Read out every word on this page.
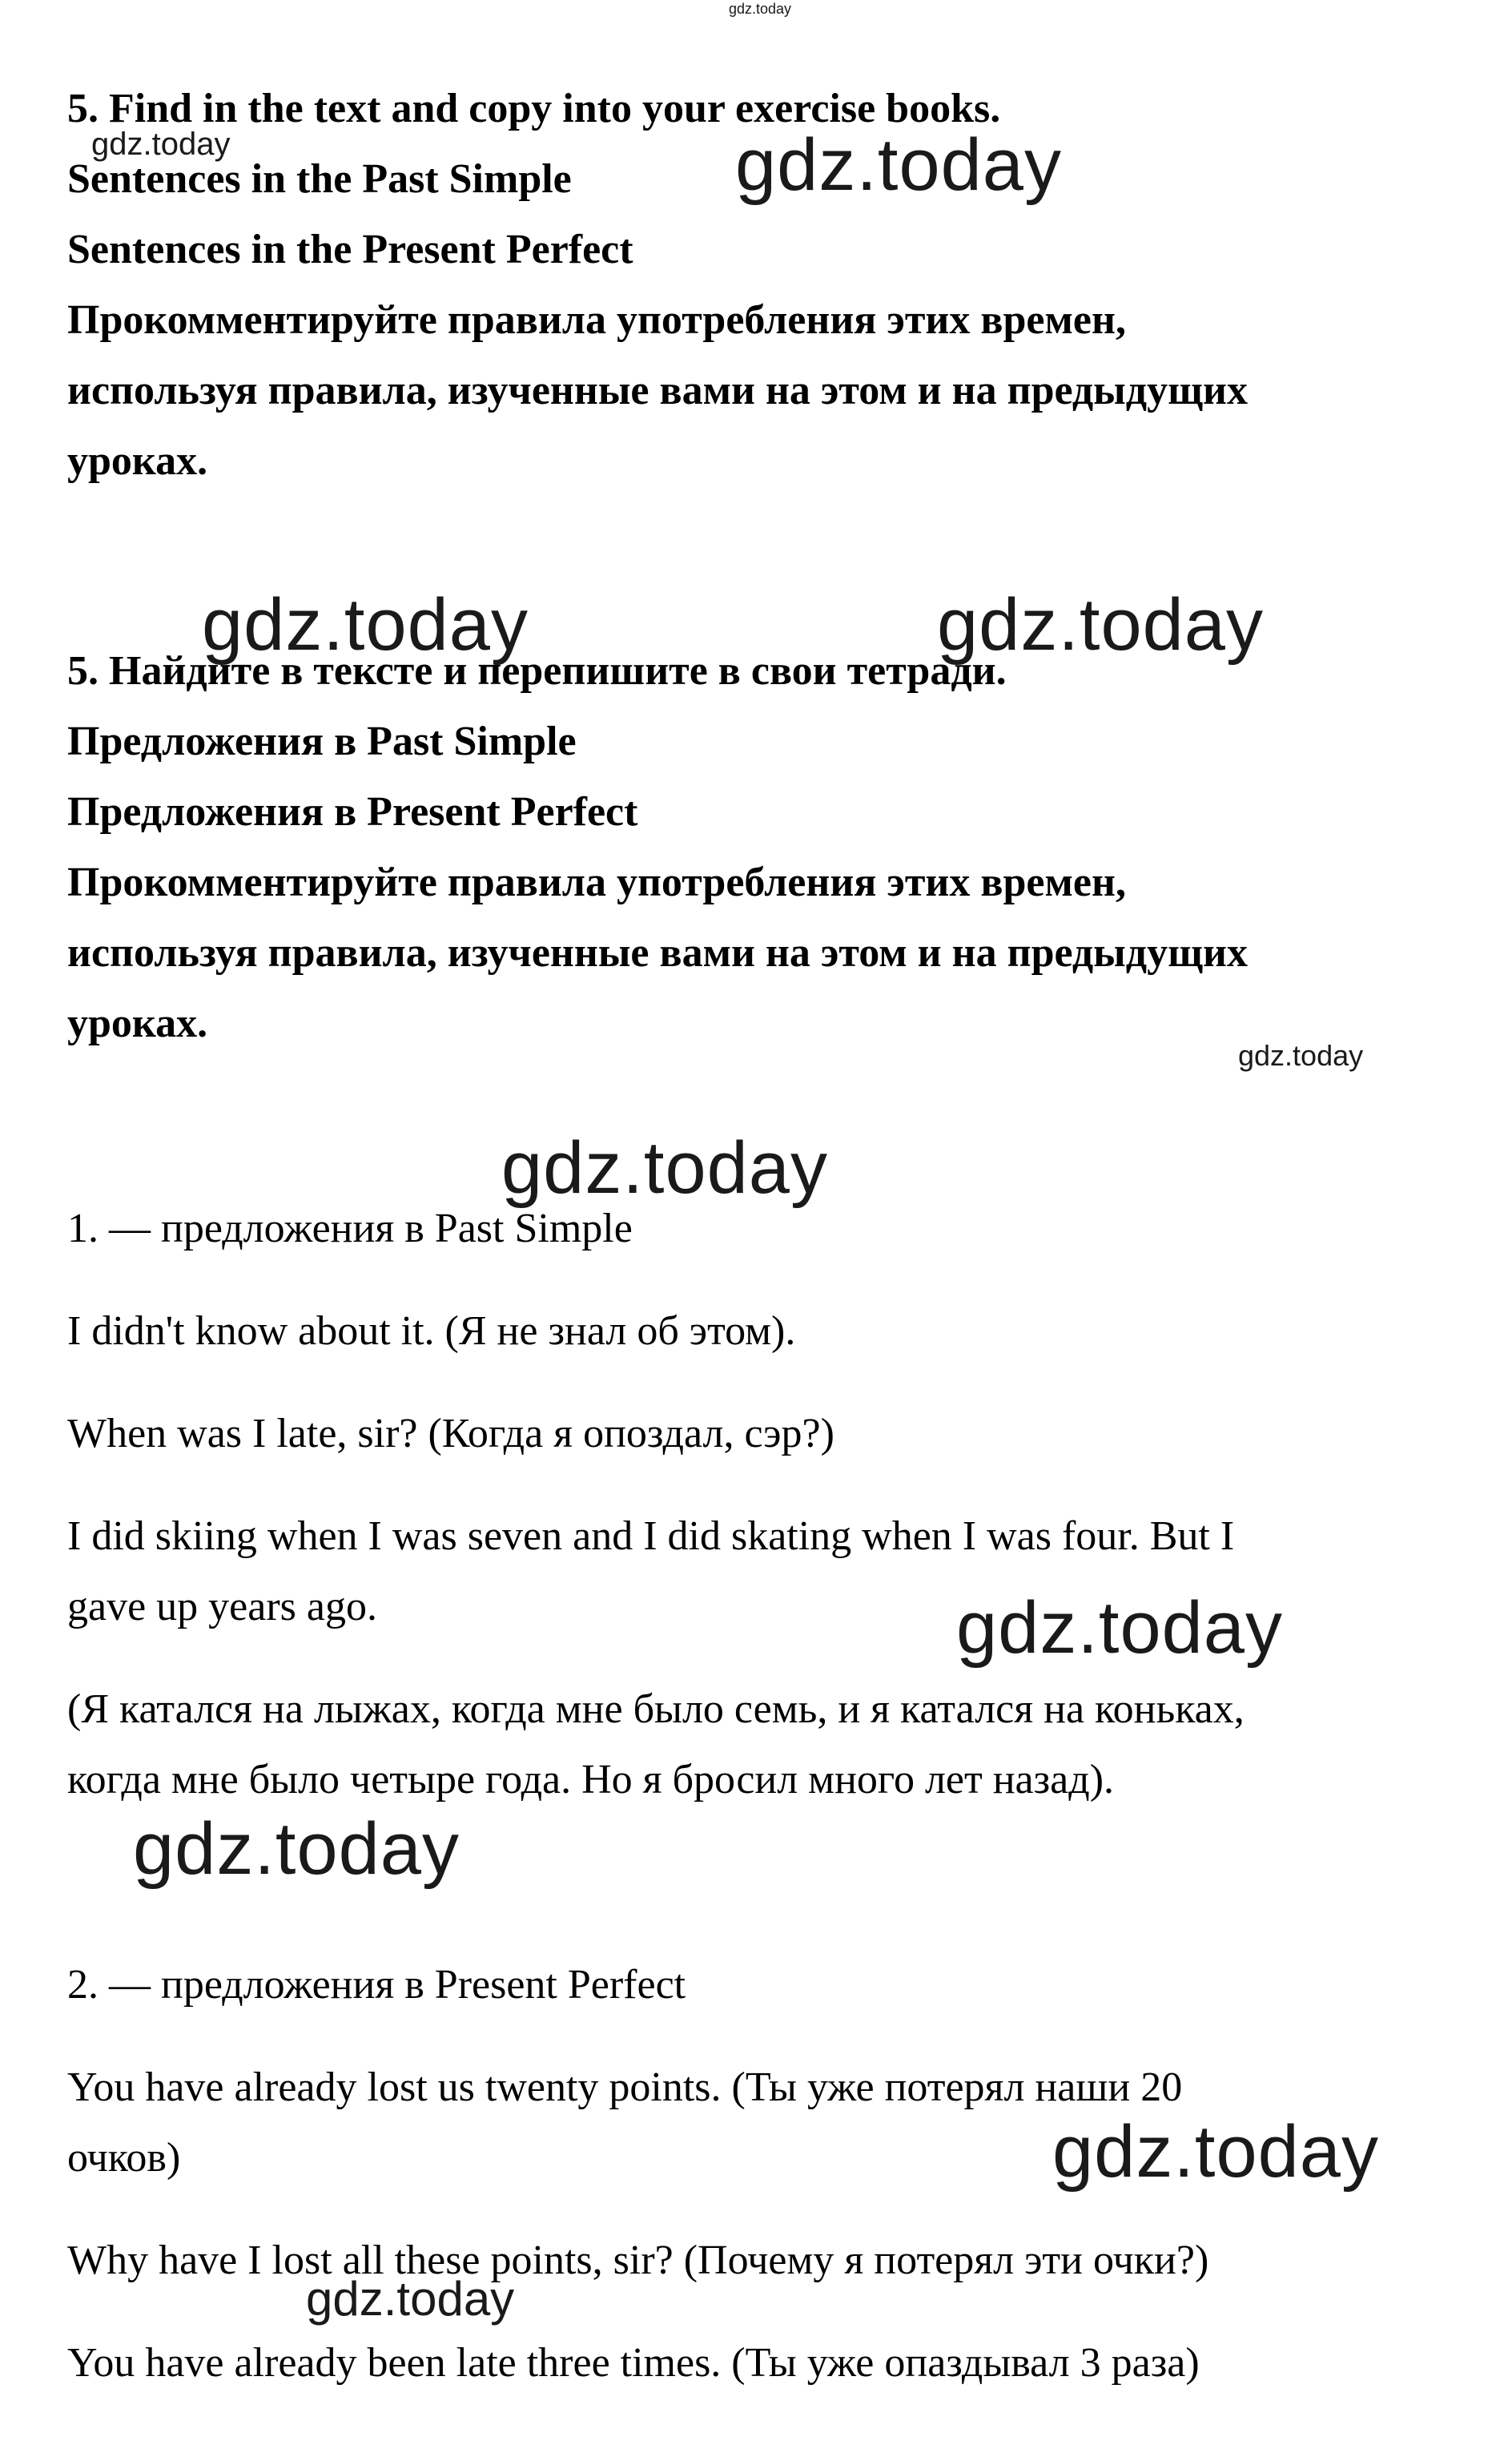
5. Find in the text and copy into your exercise books.

Sentences in the Past Simple

Sentences in the Present Perfect

Прокомментируйте правила употребления этих времен,

используя правила, изученные вами на этом и на предыдущих

уроках.

5. Найдите в тексте и перепишите в свои тетради.

Предложения в Past Simple

Предложения в Present Perfect

Прокомментируйте правила употребления этих времен,

используя правила, изученные вами на этом и на предыдущих

уроках.

1. — предложения в Past Simple

I didn't know about it. (Я не знал об этом).

When was I late, sir? (Когда я опоздал, сэр?)

I did skiing when I was seven and I did skating when I was four. But I

gave up years ago.

(Я катался на лыжах, когда мне было семь, и я катался на коньках,

когда мне было четыре года. Но я бросил много лет назад).

2. — предложения в Present Perfect

You have already lost us twenty points. (Ты уже потерял наши 20

очков)

Why have I lost all these points, sir? (Почему я потерял эти очки?)

You have already been late three times. (Ты уже опаздывал 3 раза)

gdz.today
gdz.today	gdz.today
gdz.today	gdz.today
gdz.today
gdz.today
gdz.today
gdz.today
gdz.today
gdz.today
